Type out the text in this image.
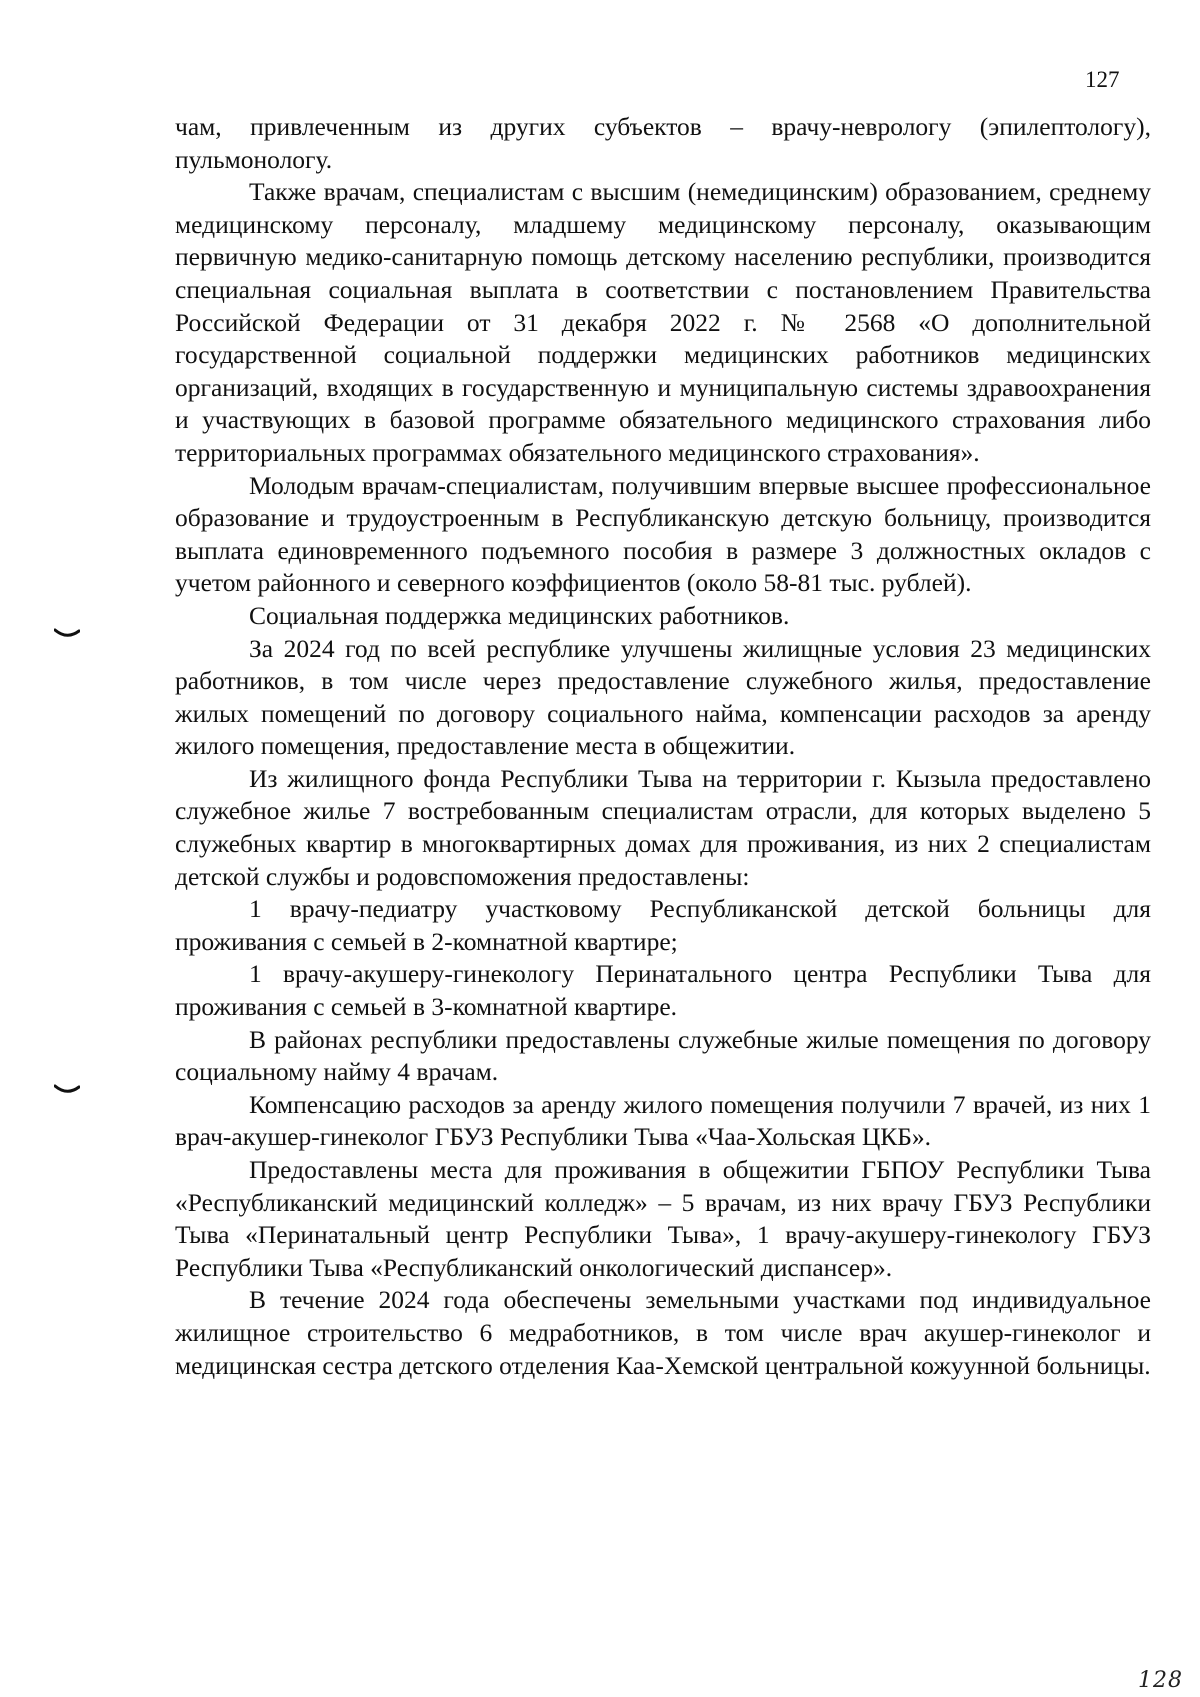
127

чам, привлеченным из других субъектов – врачу-неврологу (эпилептологу), пульмонологу.

Также врачам, специалистам с высшим (немедицинским) образованием, среднему медицинскому персоналу, младшему медицинскому персоналу, оказывающим первичную медико-санитарную помощь детскому населению республики, производится специальная социальная выплата в соответствии с постановлением Правительства Российской Федерации от 31 декабря 2022 г. № 2568 «О дополнительной государственной социальной поддержки медицинских работников медицинских организаций, входящих в государственную и муниципальную системы здравоохранения и участвующих в базовой программе обязательного медицинского страхования либо территориальных программах обязательного медицинского страхования».

Молодым врачам-специалистам, получившим впервые высшее профессиональное образование и трудоустроенным в Республиканскую детскую больницу, производится выплата единовременного подъемного пособия в размере 3 должностных окладов с учетом районного и северного коэффициентов (около 58-81 тыс. рублей).

Социальная поддержка медицинских работников.

За 2024 год по всей республике улучшены жилищные условия 23 медицинских работников, в том числе через предоставление служебного жилья, предоставление жилых помещений по договору социального найма, компенсации расходов за аренду жилого помещения, предоставление места в общежитии.

Из жилищного фонда Республики Тыва на территории г. Кызыла предоставлено служебное жилье 7 востребованным специалистам отрасли, для которых выделено 5 служебных квартир в многоквартирных домах для проживания, из них 2 специалистам детской службы и родовспоможения предоставлены:

1 врачу-педиатру участковому Республиканской детской больницы для проживания с семьей в 2-комнатной квартире;

1 врачу-акушеру-гинекологу Перинатального центра Республики Тыва для проживания с семьей в 3-комнатной квартире.

В районах республики предоставлены служебные жилые помещения по договору социальному найму 4 врачам.

Компенсацию расходов за аренду жилого помещения получили 7 врачей, из них 1 врач-акушер-гинеколог ГБУЗ Республики Тыва «Чаа-Хольская ЦКБ».

Предоставлены места для проживания в общежитии ГБПОУ Республики Тыва «Республиканский медицинский колледж» – 5 врачам, из них врачу ГБУЗ Республики Тыва «Перинатальный центр Республики Тыва», 1 врачу-акушеру-гинекологу ГБУЗ Республики Тыва «Республиканский онкологический диспансер».

В течение 2024 года обеспечены земельными участками под индивидуальное жилищное строительство 6 медработников, в том числе врач акушер-гинеколог и медицинская сестра детского отделения Каа-Хемской центральной кожуунной больницы.

128
